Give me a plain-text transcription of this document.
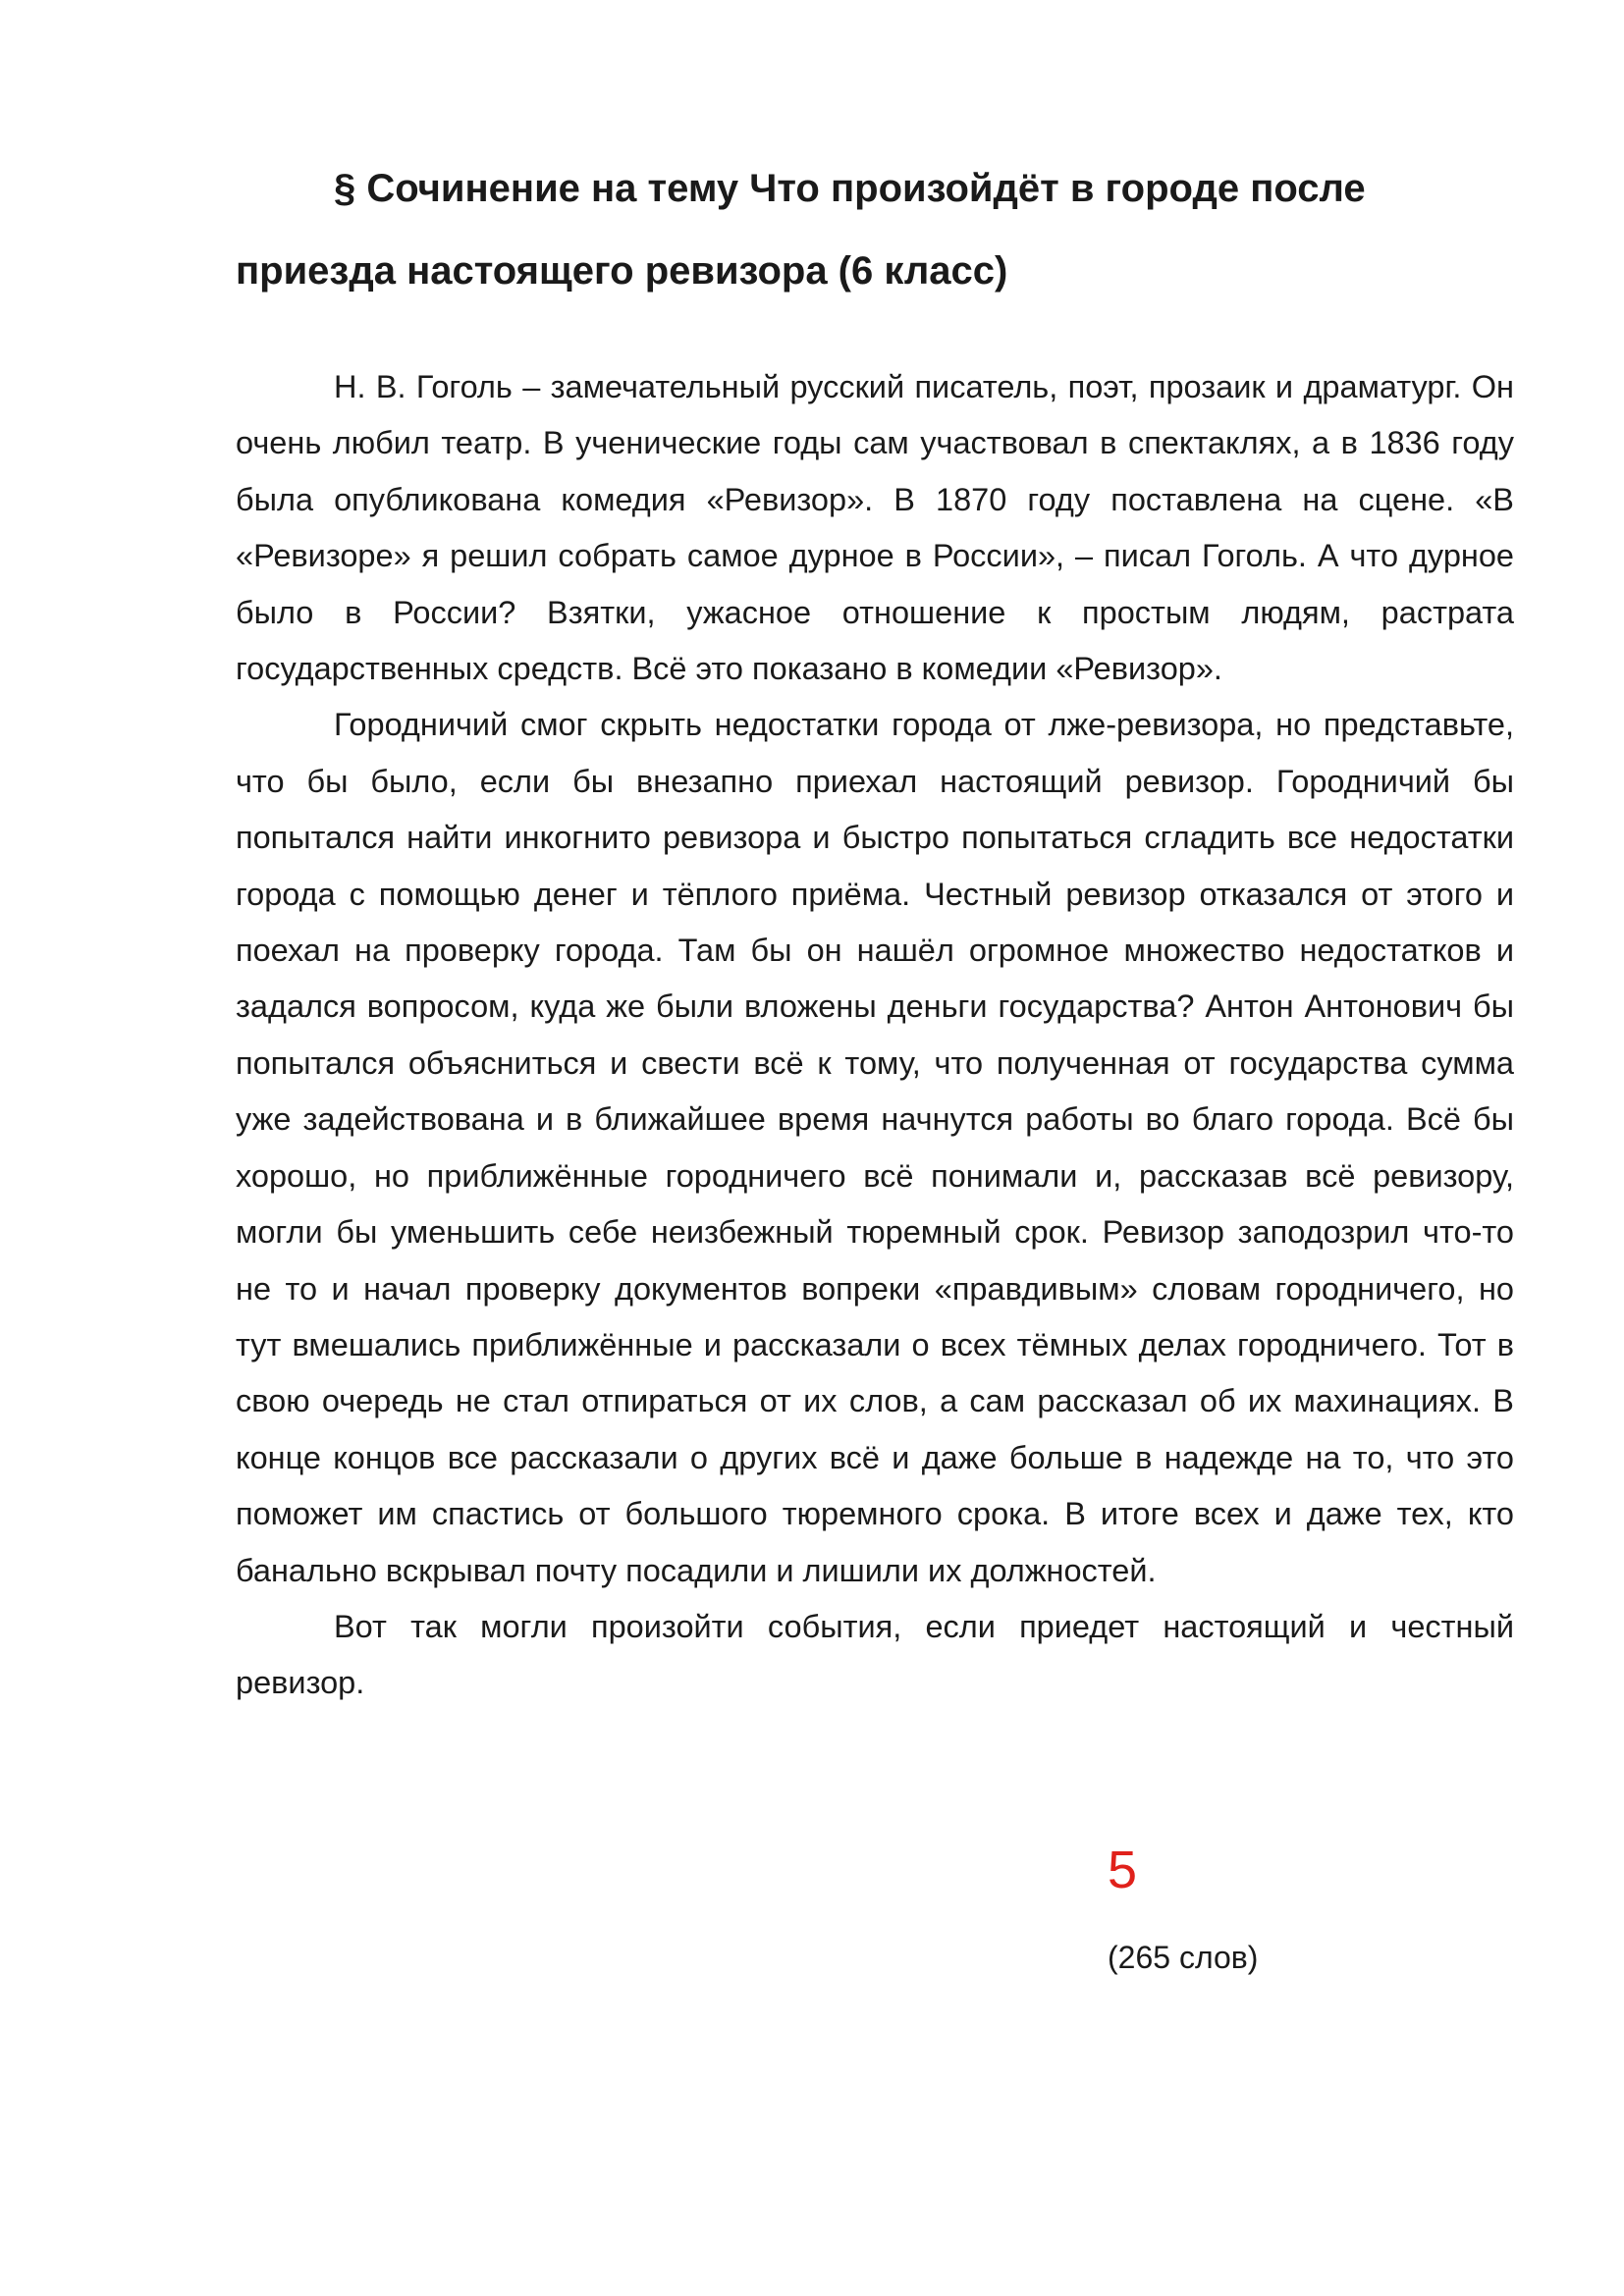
§ Сочинение на тему Что произойдёт в городе после приезда настоящего ревизора (6 класс)

Н. В. Гоголь – замечательный русский писатель, поэт, прозаик и драматург. Он очень любил театр. В ученические годы сам участвовал в спектаклях, а в 1836 году была опубликована комедия «Ревизор». В 1870 году поставлена на сцене. «В «Ревизоре» я решил собрать самое дурное в России», – писал Гоголь. А что дурное было в России? Взятки, ужасное отношение к простым людям, растрата государственных средств. Всё это показано в комедии «Ревизор».

Городничий смог скрыть недостатки города от лже-ревизора, но представьте, что бы было, если бы внезапно приехал настоящий ревизор. Городничий бы попытался найти инкогнито ревизора и быстро попытаться сгладить все недостатки города с помощью денег и тёплого приёма. Честный ревизор отказался от этого и поехал на проверку города. Там бы он нашёл огромное множество недостатков и задался вопросом, куда же были вложены деньги государства? Антон Антонович бы попытался объясниться и свести всё к тому, что полученная от государства сумма уже задействована и в ближайшее время начнутся работы во благо города. Всё бы хорошо, но приближённые городничего всё понимали и, рассказав всё ревизору, могли бы уменьшить себе неизбежный тюремный срок. Ревизор заподозрил что-то не то и начал проверку документов вопреки «правдивым» словам городничего, но тут вмешались приближённые и рассказали о всех тёмных делах городничего. Тот в свою очередь не стал отпираться от их слов, а сам рассказал об их махинациях. В конце концов все рассказали о других всё и даже больше в надежде на то, что это поможет им спастись от большого тюремного срока. В итоге всех и даже тех, кто банально вскрывал почту посадили и лишили их должностей.

Вот так могли произойти события, если приедет настоящий и честный ревизор.

5
(265 слов)
